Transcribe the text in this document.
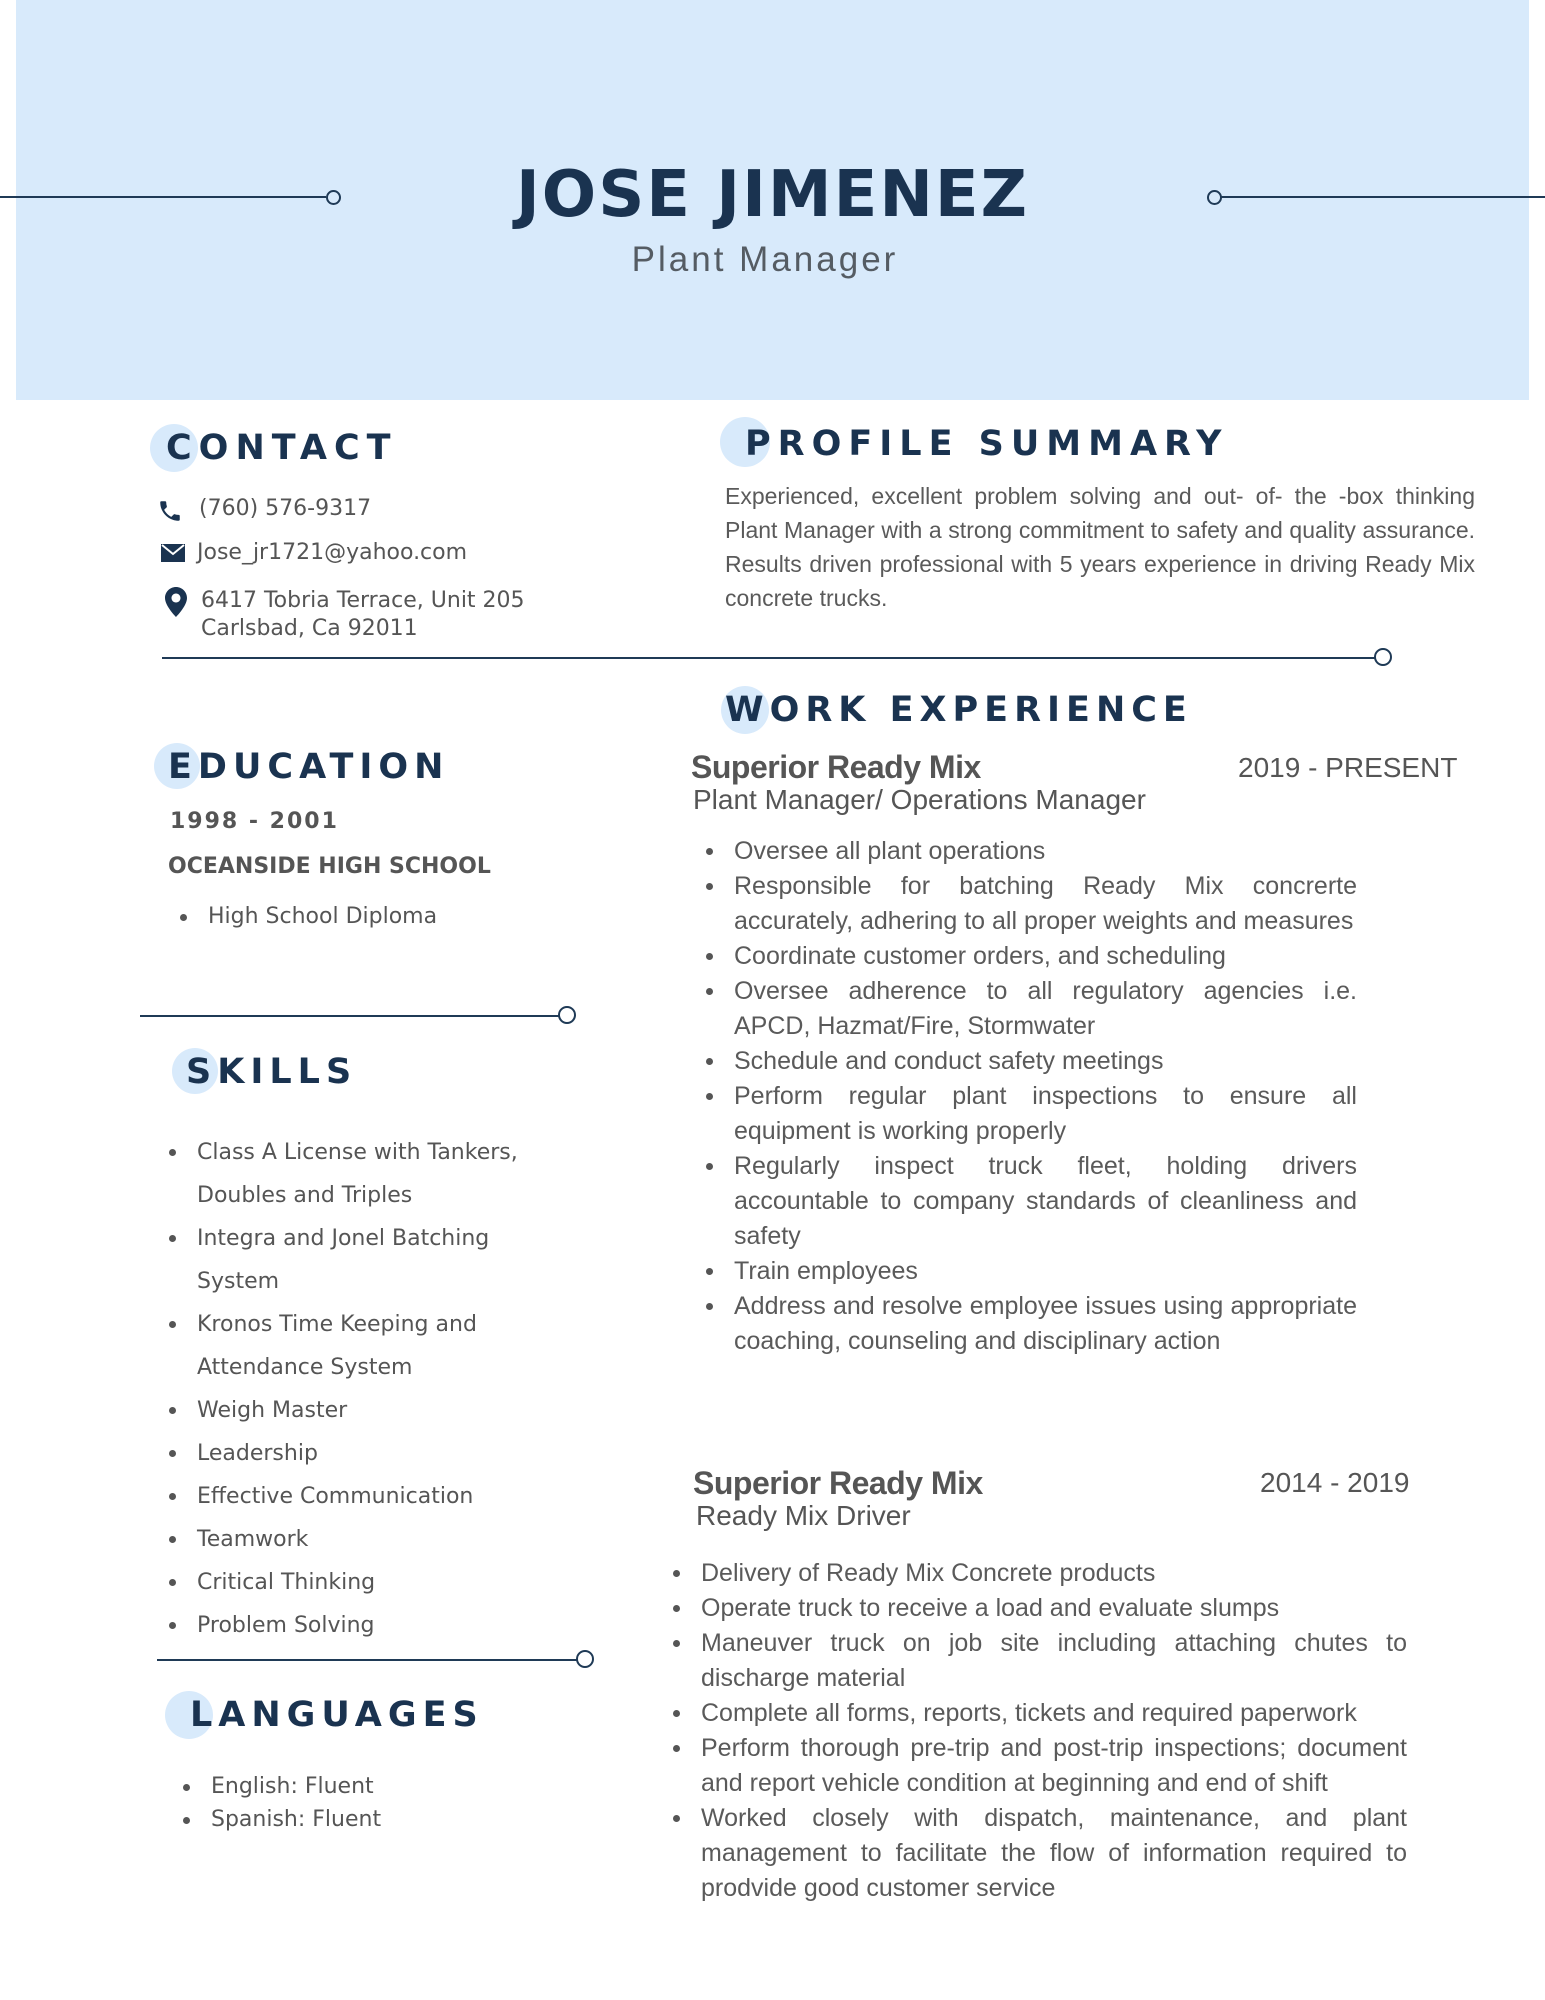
JOSE JIMENEZ
Plant Manager
CONTACT
(760) 576-9317
Jose_jr1721@yahoo.com
6417 Tobria Terrace, Unit 205
Carlsbad, Ca 92011
PROFILE SUMMARY
Experienced, excellent problem solving and out- of- the -box thinking Plant Manager with a strong commitment to safety and quality assurance. Results driven professional with 5 years experience in driving Ready Mix concrete trucks.
EDUCATION
1998 - 2001
OCEANSIDE HIGH SCHOOL
High School Diploma
SKILLS
Class A License with Tankers, Doubles and Triples
Integra and Jonel Batching System
Kronos Time Keeping and Attendance System
Weigh Master
Leadership
Effective Communication
Teamwork
Critical Thinking
Problem Solving
LANGUAGES
English: Fluent
Spanish: Fluent
WORK EXPERIENCE
Superior Ready Mix	2019 - PRESENT
Plant Manager/ Operations Manager
Oversee all plant operations
Responsible for batching Ready Mix concrerte accurately, adhering to all proper weights and measures
Coordinate customer orders, and scheduling
Oversee adherence to all regulatory agencies i.e. APCD, Hazmat/Fire, Stormwater
Schedule and conduct safety meetings
Perform regular plant inspections to ensure all equipment is working properly
Regularly inspect truck fleet, holding drivers accountable to company standards of cleanliness and safety
Train employees
Address and resolve employee issues using appropriate coaching, counseling and disciplinary action
Superior Ready Mix	2014 - 2019
Ready Mix Driver
Delivery of Ready Mix Concrete products
Operate truck to receive a load and evaluate slumps
Maneuver truck on job site including attaching chutes to discharge material
Complete all forms, reports, tickets and required paperwork
Perform thorough pre-trip and post-trip inspections; document and report vehicle condition at beginning and end of shift
Worked closely with dispatch, maintenance, and plant management to facilitate the flow of information required to prodvide good customer service
